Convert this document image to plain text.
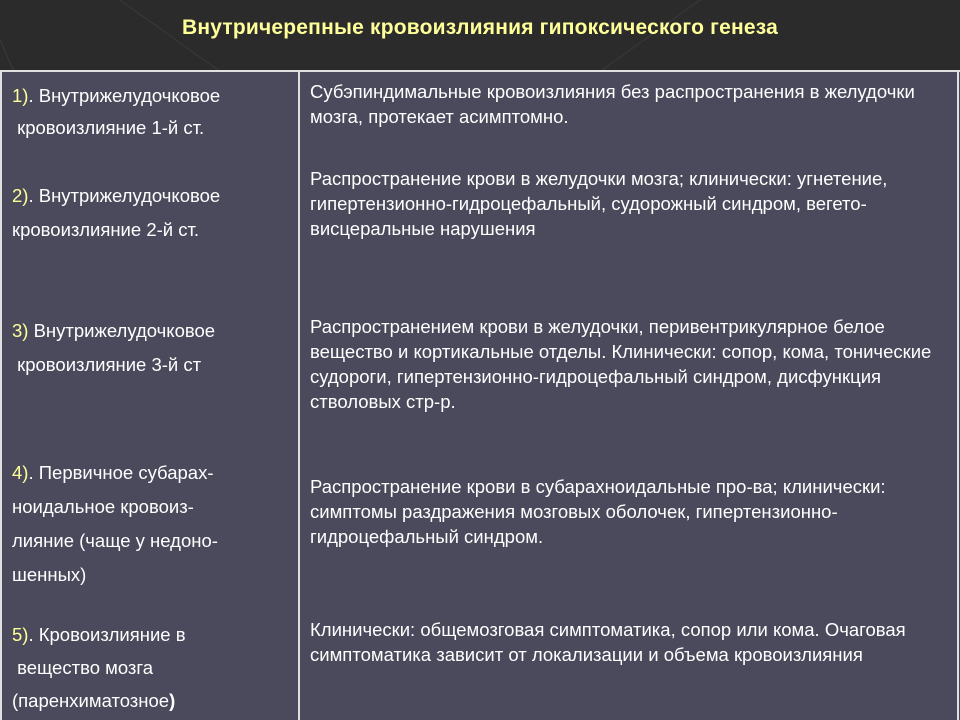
Внутричерепные кровоизлияния гипоксического генеза
1). Внутрижелудочковое
кровоизлияние 1-й ст.
Субэпиндимальные кровоизлияния без распространения в желудочки мозга, протекает асимптомно.
2). Внутрижелудочковое
кровоизлияние 2-й ст.
Распространение крови в желудочки мозга; клинически: угнетение, гипертензионно-гидроцефальный, судорожный синдром, вегето-висцеральные нарушения
3) Внутрижелудочковое
кровоизлияние 3-й ст
Распространением крови в желудочки, перивентрикулярное белое вещество и кортикальные отделы. Клинически: сопор, кома, тонические судороги, гипертензионно-гидроцефальный синдром, дисфункция стволовых стр-р.
4). Первичное субарах-
ноидальное кровоиз-
лияние (чаще у недоно-
шенных)
Распространение крови в субарахноидальные про-ва; клинически: симптомы раздражения мозговых оболочек, гипертензионно-гидроцефальный синдром.
5). Кровоизлияние в
вещество мозга
(паренхиматозное)
Клинически: общемозговая симптоматика, сопор или кома. Очаговая симптоматика зависит от локализации и объема кровоизлияния
